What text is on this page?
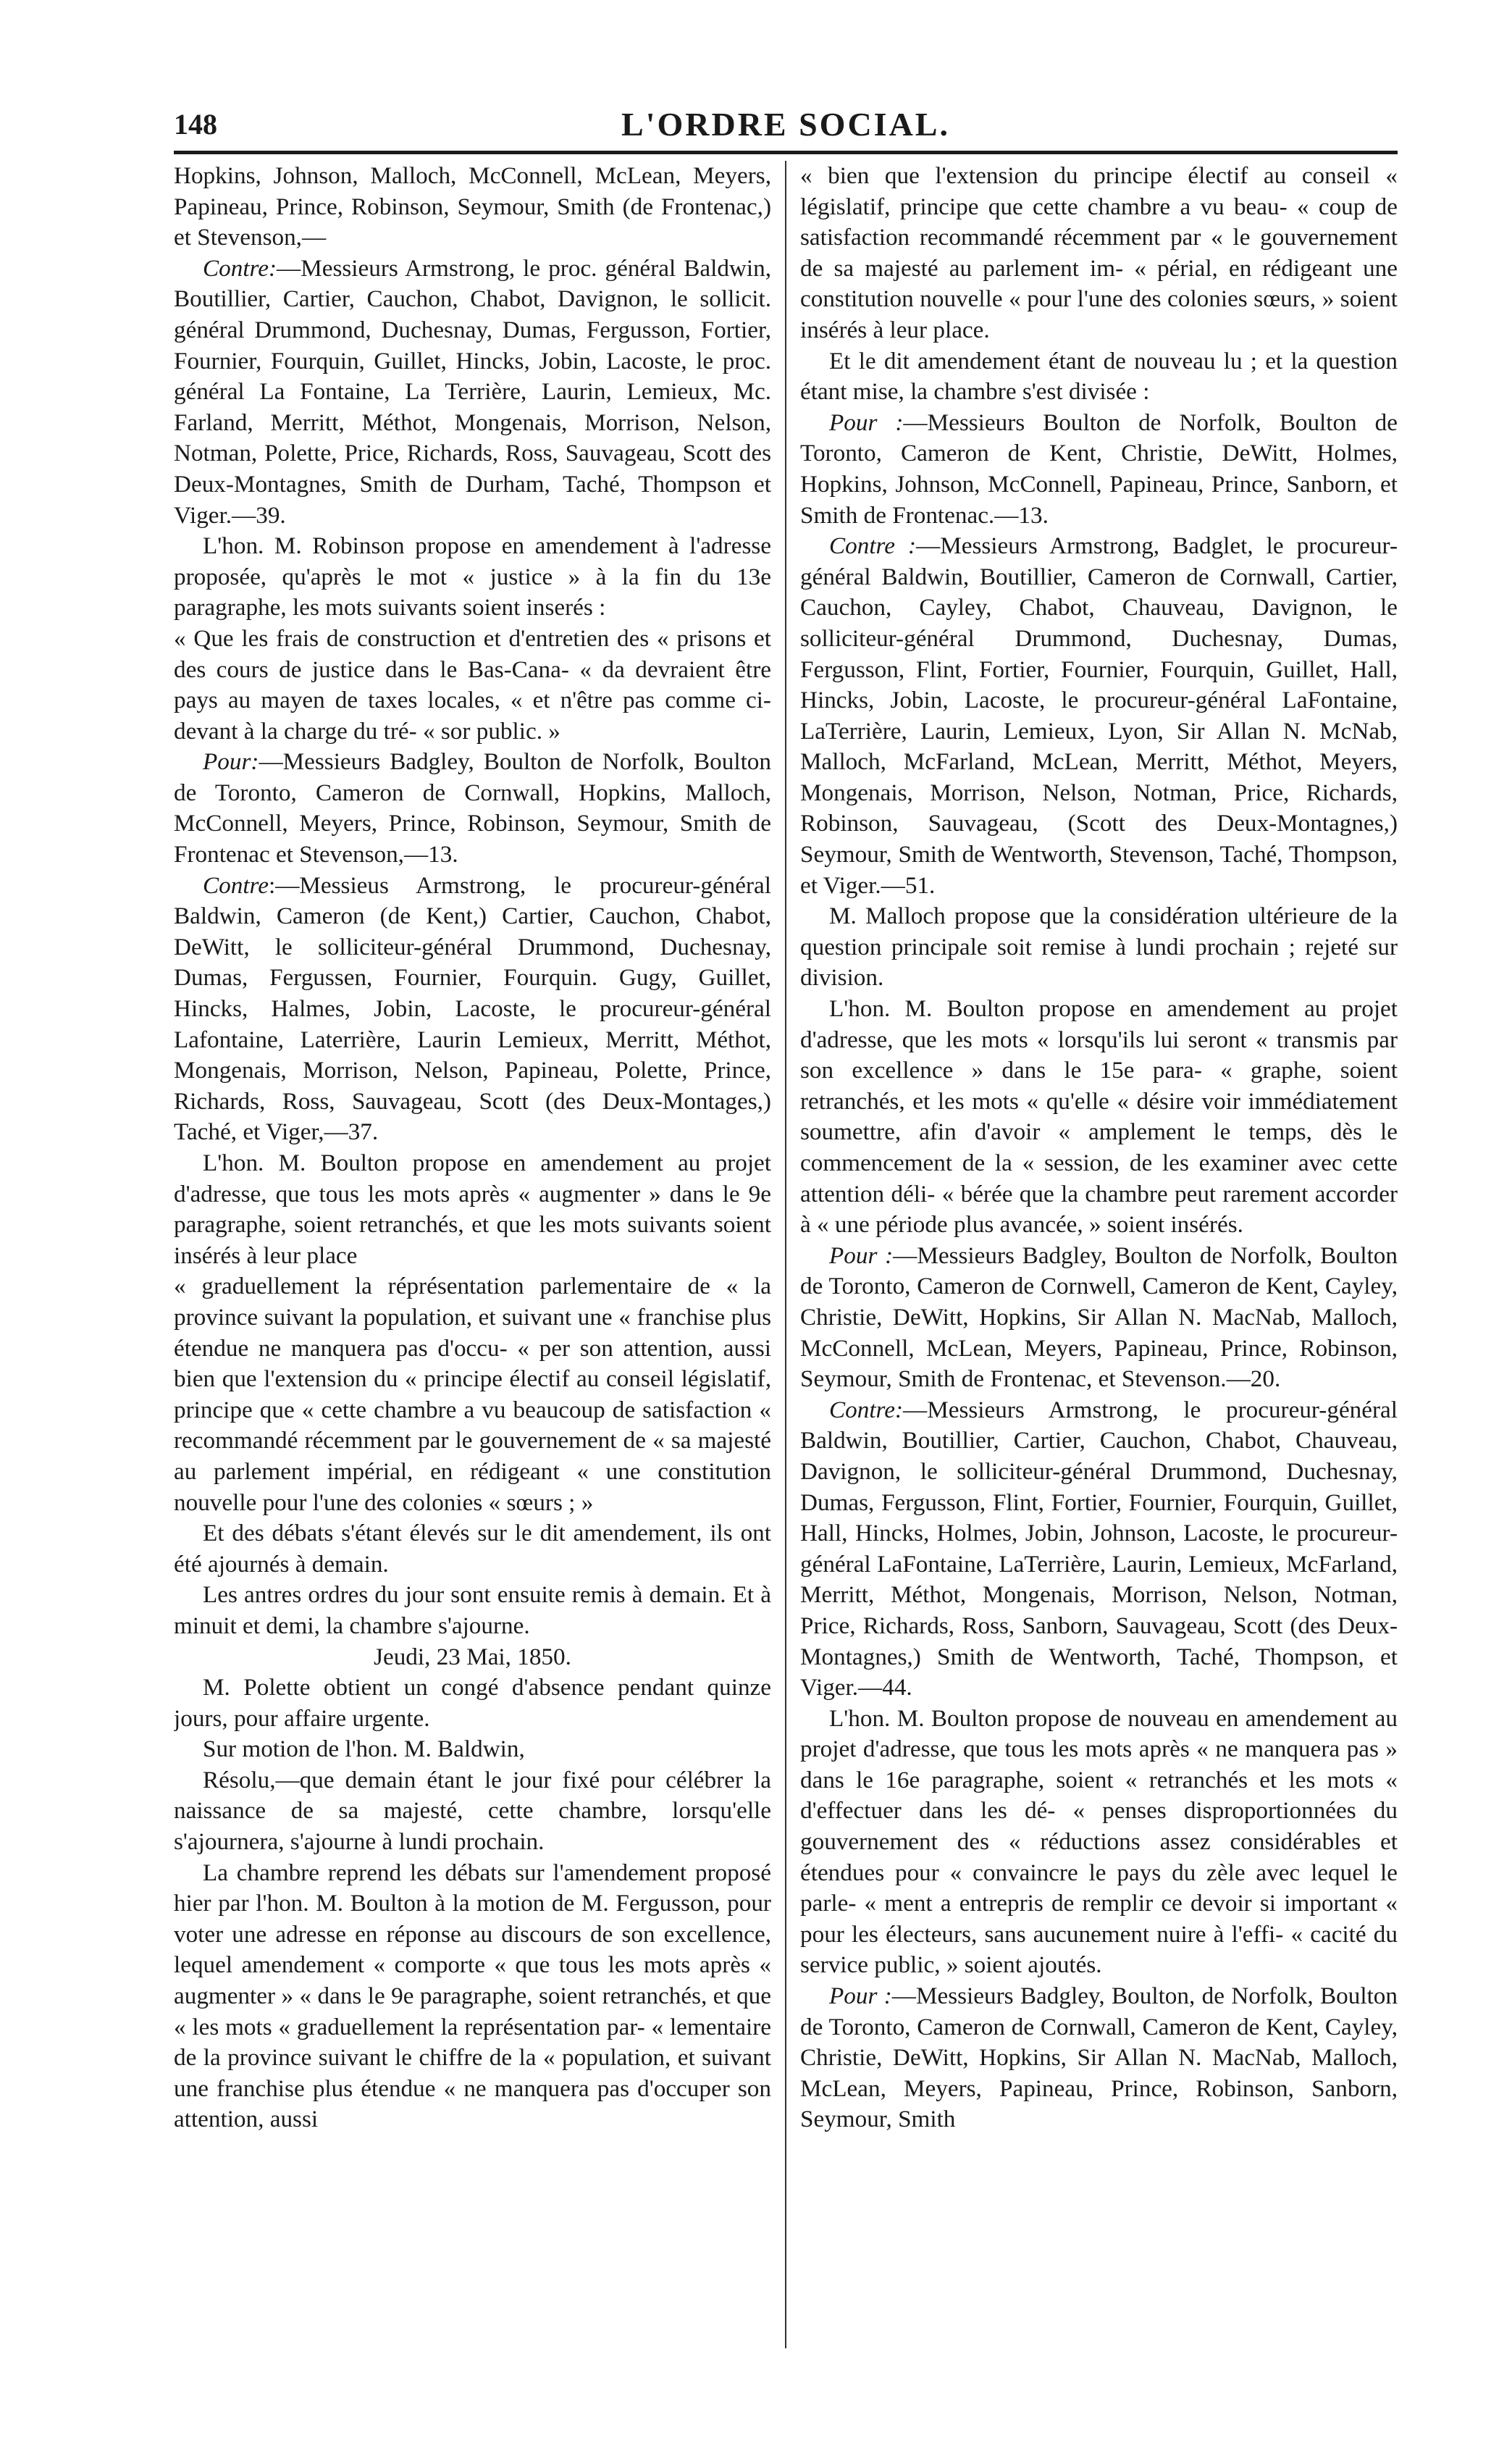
148	L'ORDRE SOCIAL.

Hopkins, Johnson, Malloch, McConnell, McLean, Meyers, Papineau, Prince, Robinson, Seymour, Smith (de Frontenac,) et Stevenson,—

Contre:—Messieurs Armstrong, le proc. général Baldwin, Boutillier, Cartier, Cauchon, Chabot, Davignon, le sollicit. général Drummond, Duchesnay, Dumas, Fergusson, Fortier, Fournier, Fourquin, Guillet, Hincks, Jobin, Lacoste, le proc. général La Fontaine, La Terrière, Laurin, Lemieux, Mc. Farland, Merritt, Méthot, Mongenais, Morrison, Nelson, Notman, Polette, Price, Richards, Ross, Sauvageau, Scott des Deux-Montagnes, Smith de Durham, Taché, Thompson et Viger.—39.

L'hon. M. Robinson propose en amendement à l'adresse proposée, qu'après le mot « justice » à la fin du 13e paragraphe, les mots suivants soient inserés :

« Que les frais de construction et d'entretien des « prisons et des cours de justice dans le Bas-Cana- « da devraient être pays au mayen de taxes locales, « et n'être pas comme ci-devant à la charge du tré- « sor public. »

Pour:—Messieurs Badgley, Boulton de Norfolk, Boulton de Toronto, Cameron de Cornwall, Hopkins, Malloch, McConnell, Meyers, Prince, Robinson, Seymour, Smith de Frontenac et Stevenson,—13.

Contre:—Messieus Armstrong, le procureur-général Baldwin, Cameron (de Kent,) Cartier, Cauchon, Chabot, DeWitt, le solliciteur-général Drummond, Duchesnay, Dumas, Fergussen, Fournier, Fourquin. Gugy, Guillet, Hincks, Halmes, Jobin, Lacoste, le procureur-général Lafontaine, Laterrière, Laurin Lemieux, Merritt, Méthot, Mongenais, Morrison, Nelson, Papineau, Polette, Prince, Richards, Ross, Sauvageau, Scott (des Deux-Montages,) Taché, et Viger,—37.

L'hon. M. Boulton propose en amendement au projet d'adresse, que tous les mots après « augmenter » dans le 9e paragraphe, soient retranchés, et que les mots suivants soient insérés à leur place

« graduellement la réprésentation parlementaire de « la province suivant la population, et suivant une « franchise plus étendue ne manquera pas d'occu- « per son attention, aussi bien que l'extension du « principe électif au conseil législatif, principe que « cette chambre a vu beaucoup de satisfaction « recommandé récemment par le gouvernement de « sa majesté au parlement impérial, en rédigeant « une constitution nouvelle pour l'une des colonies « sœurs ; »

Et des débats s'étant élevés sur le dit amendement, ils ont été ajournés à demain.

Les antres ordres du jour sont ensuite remis à demain. Et à minuit et demi, la chambre s'ajourne.

Jeudi, 23 Mai, 1850.

M. Polette obtient un congé d'absence pendant quinze jours, pour affaire urgente.

Sur motion de l'hon. M. Baldwin,

Résolu,—que demain étant le jour fixé pour célébrer la naissance de sa majesté, cette chambre, lorsqu'elle s'ajournera, s'ajourne à lundi prochain.

La chambre reprend les débats sur l'amendement proposé hier par l'hon. M. Boulton à la motion de M. Fergusson, pour voter une adresse en réponse au discours de son excellence, lequel amendement « comporte « que tous les mots après « augmenter » « dans le 9e paragraphe, soient retranchés, et que « les mots « graduellement la représentation par- « lementaire de la province suivant le chiffre de la « population, et suivant une franchise plus étendue « ne manquera pas d'occuper son attention, aussi

« bien que l'extension du principe électif au conseil « législatif, principe que cette chambre a vu beau- « coup de satisfaction recommandé récemment par « le gouvernement de sa majesté au parlement im- « périal, en rédigeant une constitution nouvelle « pour l'une des colonies sœurs, » soient insérés à leur place.

Et le dit amendement étant de nouveau lu ; et la question étant mise, la chambre s'est divisée :

Pour :—Messieurs Boulton de Norfolk, Boulton de Toronto, Cameron de Kent, Christie, DeWitt, Holmes, Hopkins, Johnson, McConnell, Papineau, Prince, Sanborn, et Smith de Frontenac.—13.

Contre :—Messieurs Armstrong, Badglet, le procureur-général Baldwin, Boutillier, Cameron de Cornwall, Cartier, Cauchon, Cayley, Chabot, Chauveau, Davignon, le solliciteur-général Drummond, Duchesnay, Dumas, Fergusson, Flint, Fortier, Fournier, Fourquin, Guillet, Hall, Hincks, Jobin, Lacoste, le procureur-général LaFontaine, LaTerrière, Laurin, Lemieux, Lyon, Sir Allan N. McNab, Malloch, McFarland, McLean, Merritt, Méthot, Meyers, Mongenais, Morrison, Nelson, Notman, Price, Richards, Robinson, Sauvageau, (Scott des Deux-Montagnes,) Seymour, Smith de Wentworth, Stevenson, Taché, Thompson, et Viger.—51.

M. Malloch propose que la considération ultérieure de la question principale soit remise à lundi prochain ; rejeté sur division.

L'hon. M. Boulton propose en amendement au projet d'adresse, que les mots « lorsqu'ils lui seront « transmis par son excellence » dans le 15e para- « graphe, soient retranchés, et les mots « qu'elle « désire voir immédiatement soumettre, afin d'avoir « amplement le temps, dès le commencement de la « session, de les examiner avec cette attention déli- « bérée que la chambre peut rarement accorder à « une période plus avancée, » soient insérés.

Pour :—Messieurs Badgley, Boulton de Norfolk, Boulton de Toronto, Cameron de Cornwell, Cameron de Kent, Cayley, Christie, DeWitt, Hopkins, Sir Allan N. MacNab, Malloch, McConnell, McLean, Meyers, Papineau, Prince, Robinson, Seymour, Smith de Frontenac, et Stevenson.—20.

Contre:—Messieurs Armstrong, le procureur-général Baldwin, Boutillier, Cartier, Cauchon, Chabot, Chauveau, Davignon, le solliciteur-général Drummond, Duchesnay, Dumas, Fergusson, Flint, Fortier, Fournier, Fourquin, Guillet, Hall, Hincks, Holmes, Jobin, Johnson, Lacoste, le procureur-général LaFontaine, LaTerrière, Laurin, Lemieux, McFarland, Merritt, Méthot, Mongenais, Morrison, Nelson, Notman, Price, Richards, Ross, Sanborn, Sauvageau, Scott (des Deux-Montagnes,) Smith de Wentworth, Taché, Thompson, et Viger.—44.

L'hon. M. Boulton propose de nouveau en amendement au projet d'adresse, que tous les mots après « ne manquera pas » dans le 16e paragraphe, soient « retranchés et les mots « d'effectuer dans les dé- « penses disproportionnées du gouvernement des « réductions assez considérables et étendues pour « convaincre le pays du zèle avec lequel le parle- « ment a entrepris de remplir ce devoir si important « pour les électeurs, sans aucunement nuire à l'effi- « cacité du service public, » soient ajoutés.

Pour :—Messieurs Badgley, Boulton, de Norfolk, Boulton de Toronto, Cameron de Cornwall, Cameron de Kent, Cayley, Christie, DeWitt, Hopkins, Sir Allan N. MacNab, Malloch, McLean, Meyers, Papineau, Prince, Robinson, Sanborn, Seymour, Smith
